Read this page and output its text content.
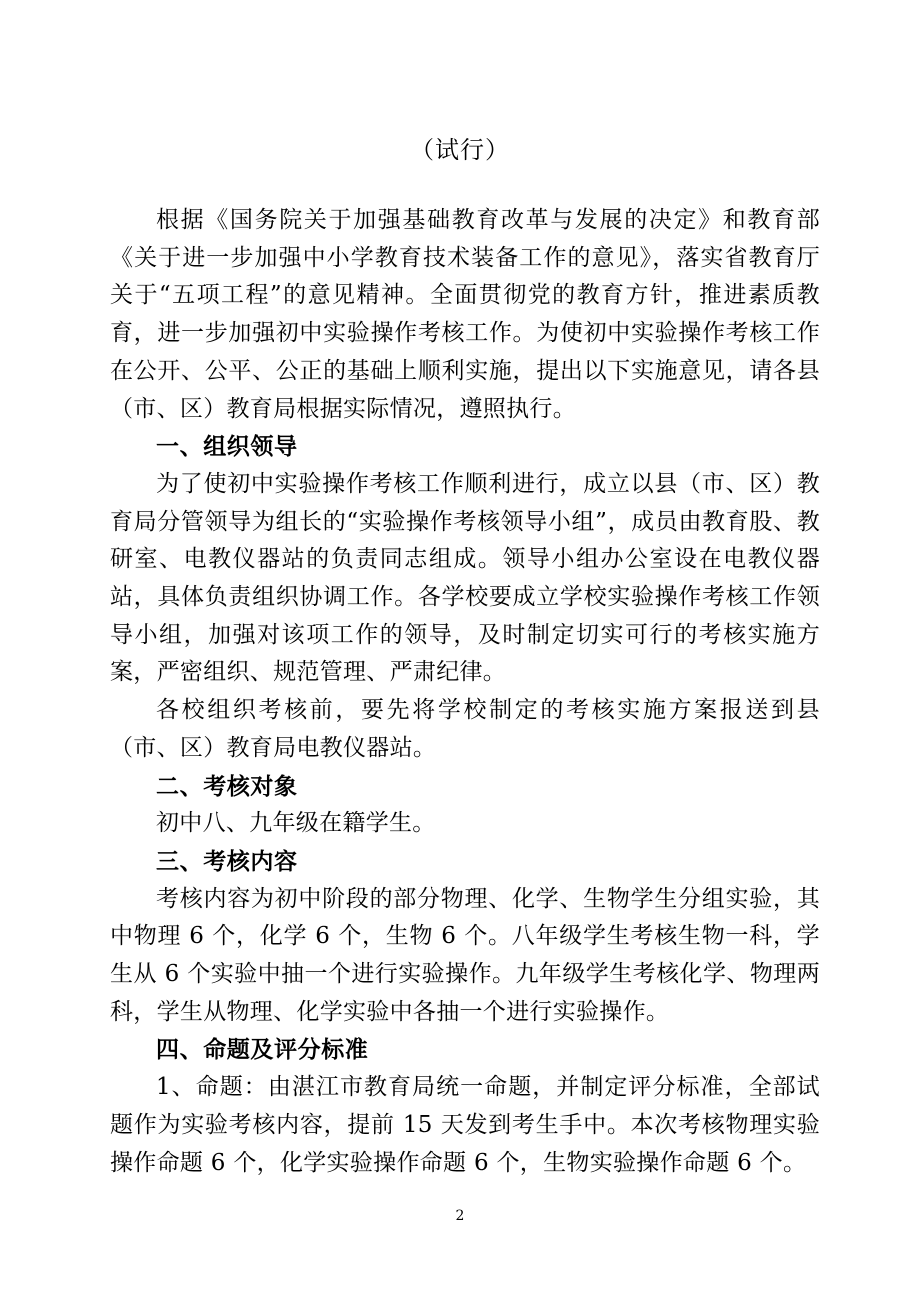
（试行）

根据《国务院关于加强基础教育改革与发展的决定》和教育部《关于进一步加强中小学教育技术装备工作的意见》，落实省教育厅关于“五项工程”的意见精神。全面贯彻党的教育方针，推进素质教育，进一步加强初中实验操作考核工作。为使初中实验操作考核工作在公开、公平、公正的基础上顺利实施，提出以下实施意见，请各县（市、区）教育局根据实际情况，遵照执行。

一、组织领导

为了使初中实验操作考核工作顺利进行，成立以县（市、区）教育局分管领导为组长的“实验操作考核领导小组”，成员由教育股、教研室、电教仪器站的负责同志组成。领导小组办公室设在电教仪器站，具体负责组织协调工作。各学校要成立学校实验操作考核工作领导小组，加强对该项工作的领导，及时制定切实可行的考核实施方案，严密组织、规范管理、严肃纪律。

各校组织考核前，要先将学校制定的考核实施方案报送到县（市、区）教育局电教仪器站。

二、考核对象

初中八、九年级在籍学生。

三、考核内容

考核内容为初中阶段的部分物理、化学、生物学生分组实验，其中物理 6 个，化学 6 个，生物 6 个。八年级学生考核生物一科，学生从 6 个实验中抽一个进行实验操作。九年级学生考核化学、物理两科，学生从物理、化学实验中各抽一个进行实验操作。

四、命题及评分标准

1、命题：由湛江市教育局统一命题，并制定评分标准，全部试题作为实验考核内容，提前 15 天发到考生手中。本次考核物理实验操作命题 6 个，化学实验操作命题 6 个，生物实验操作命题 6 个。

2
